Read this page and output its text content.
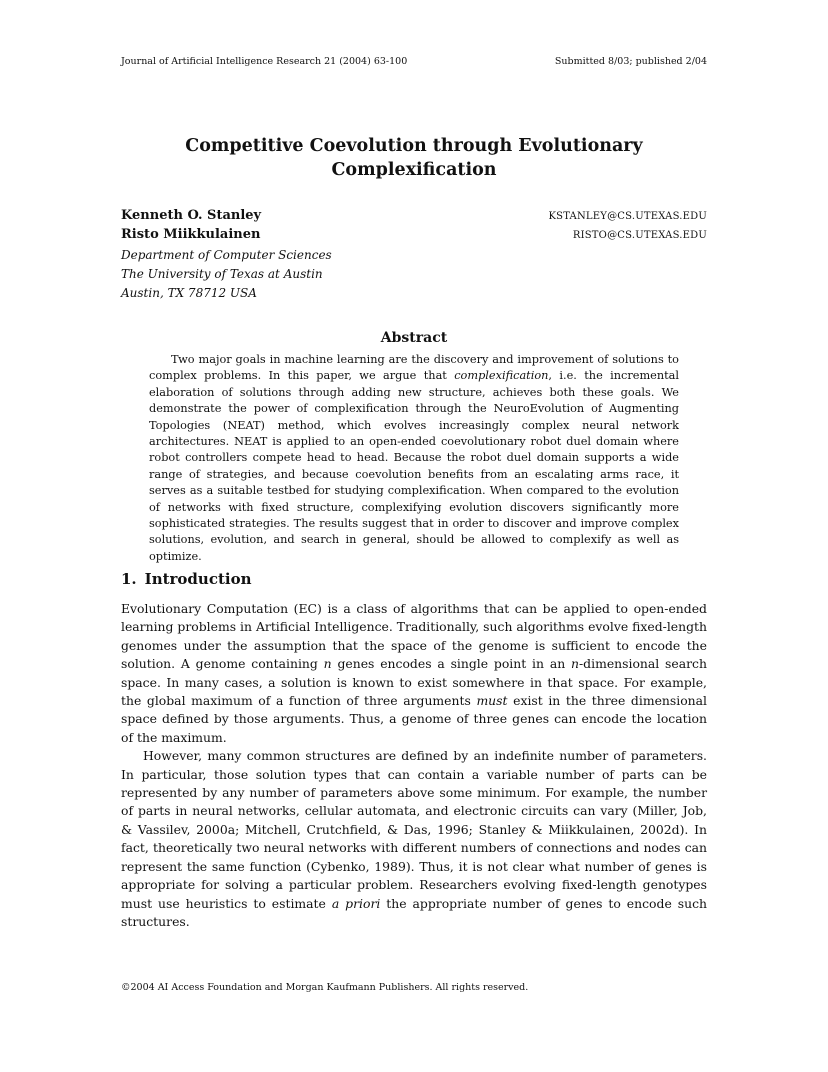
Journal of Artificial Intelligence Research 21 (2004) 63-100	Submitted 8/03; published 2/04
Competitive Coevolution through Evolutionary
Complexification
Kenneth O. Stanley	KSTANLEY@CS.UTEXAS.EDU
Risto Miikkulainen	RISTO@CS.UTEXAS.EDU
Department of Computer Sciences
The University of Texas at Austin
Austin, TX 78712 USA
Abstract
Two major goals in machine learning are the discovery and improvement of solutions to complex problems. In this paper, we argue that complexification, i.e. the incremental elaboration of solutions through adding new structure, achieves both these goals. We demonstrate the power of complexification through the NeuroEvolution of Augmenting Topologies (NEAT) method, which evolves increasingly complex neural network architectures. NEAT is applied to an open-ended coevolutionary robot duel domain where robot controllers compete head to head. Because the robot duel domain supports a wide range of strategies, and because coevolution benefits from an escalating arms race, it serves as a suitable testbed for studying complexification. When compared to the evolution of networks with fixed structure, complexifying evolution discovers significantly more sophisticated strategies. The results suggest that in order to discover and improve complex solutions, evolution, and search in general, should be allowed to complexify as well as optimize.
1. Introduction

Evolutionary Computation (EC) is a class of algorithms that can be applied to open-ended learning problems in Artificial Intelligence. Traditionally, such algorithms evolve fixed-length genomes under the assumption that the space of the genome is sufficient to encode the solution. A genome containing n genes encodes a single point in an n-dimensional search space. In many cases, a solution is known to exist somewhere in that space. For example, the global maximum of a function of three arguments must exist in the three dimensional space defined by those arguments. Thus, a genome of three genes can encode the location of the maximum.

However, many common structures are defined by an indefinite number of parameters. In particular, those solution types that can contain a variable number of parts can be represented by any number of parameters above some minimum. For example, the number of parts in neural networks, cellular automata, and electronic circuits can vary (Miller, Job, & Vassilev, 2000a; Mitchell, Crutchfield, & Das, 1996; Stanley & Miikkulainen, 2002d). In fact, theoretically two neural networks with different numbers of connections and nodes can represent the same function (Cybenko, 1989). Thus, it is not clear what number of genes is appropriate for solving a particular problem. Researchers evolving fixed-length genotypes must use heuristics to estimate a priori the appropriate number of genes to encode such structures.

©2004 AI Access Foundation and Morgan Kaufmann Publishers. All rights reserved.
